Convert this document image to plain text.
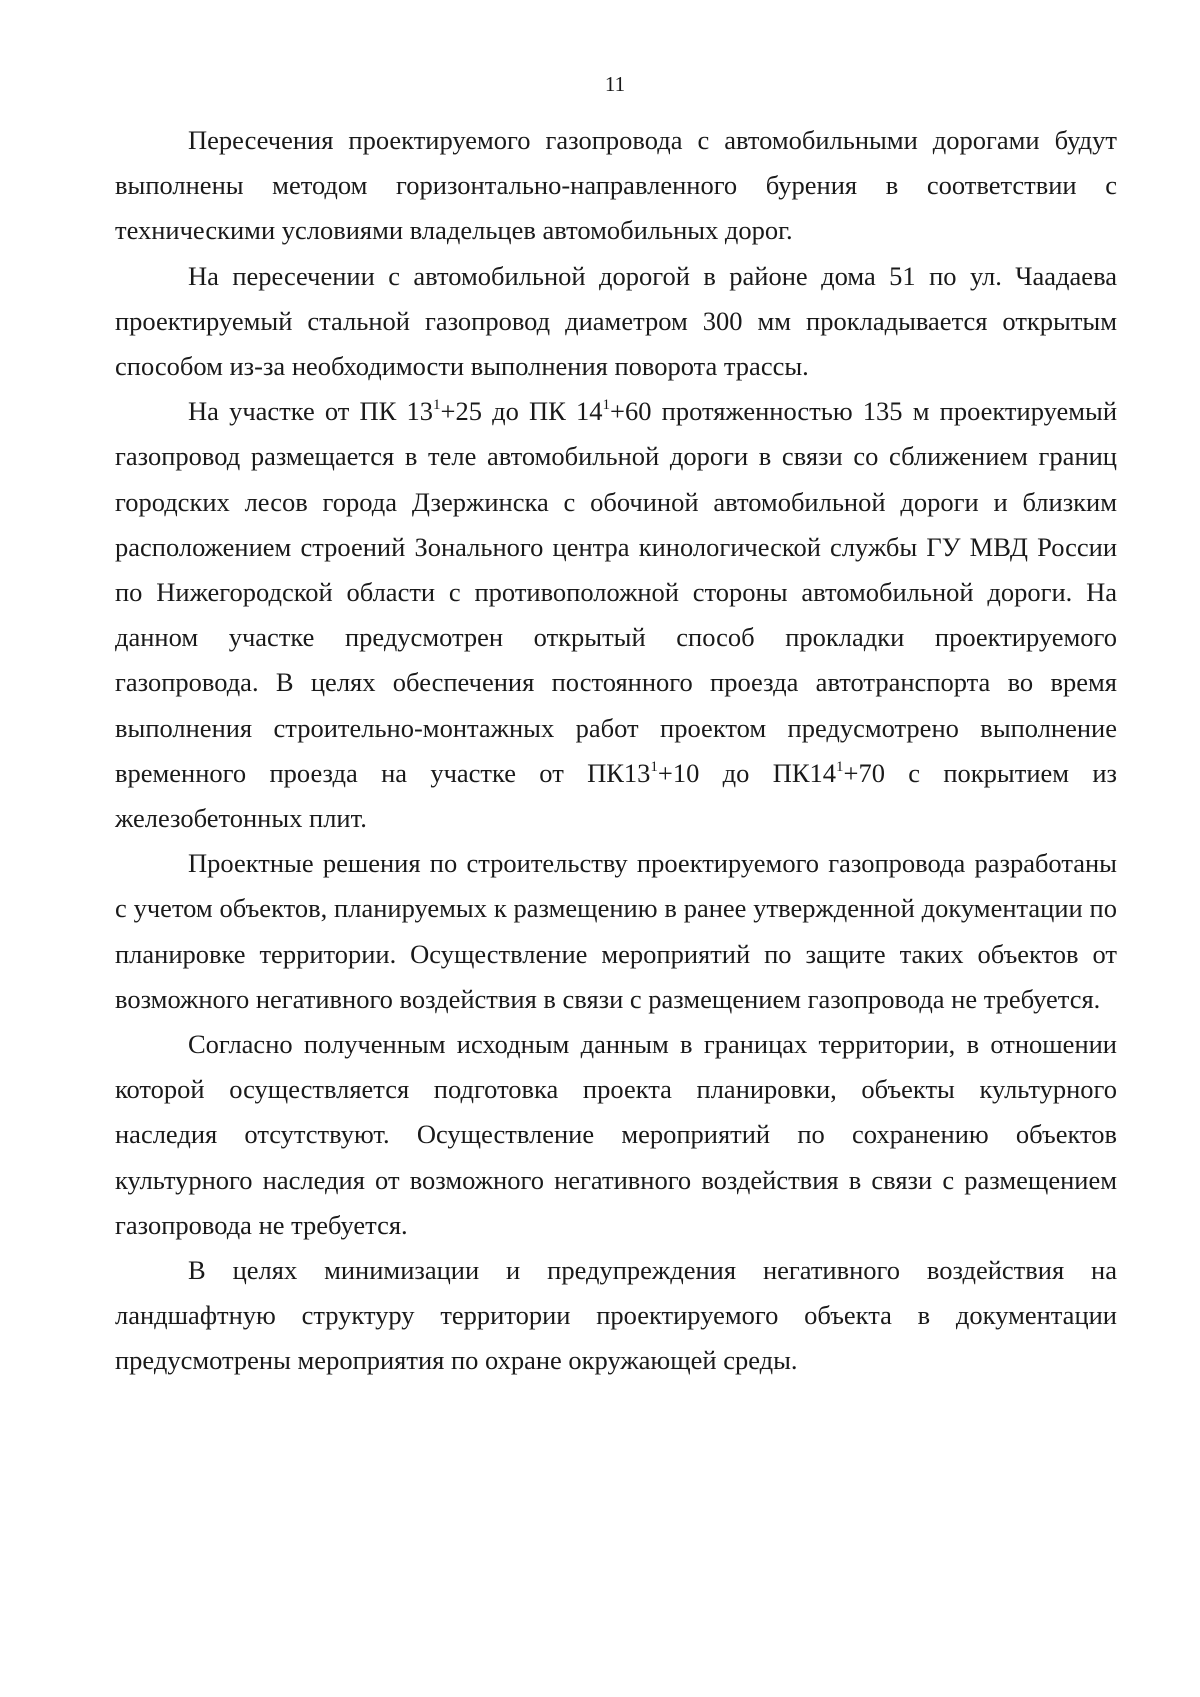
11

Пересечения проектируемого газопровода с автомобильными дорогами будут выполнены методом горизонтально-направленного бурения в соответствии с техническими условиями владельцев автомобильных дорог.

На пересечении с автомобильной дорогой в районе дома 51 по ул. Чаадаева проектируемый стальной газопровод диаметром 300 мм прокладывается открытым способом из-за необходимости выполнения поворота трассы.

На участке от ПК $13^1+25$ до ПК $14^1+60$ протяженностью 135 м проектируемый газопровод размещается в теле автомобильной дороги в связи со сближением границ городских лесов города Дзержинска с обочиной автомобильной дороги и близким расположением строений Зонального центра кинологической службы ГУ МВД России по Нижегородской области с противоположной стороны автомобильной дороги. На данном участке предусмотрен открытый способ прокладки проектируемого газопровода. В целях обеспечения постоянного проезда автотранспорта во время выполнения строительно-монтажных работ проектом предусмотрено выполнение временного проезда на участке от $ПК13^1+10$ до $ПК14^1+70$ с покрытием из железобетонных плит.

Проектные решения по строительству проектируемого газопровода разработаны с учетом объектов, планируемых к размещению в ранее утвержденной документации по планировке территории. Осуществление мероприятий по защите таких объектов от возможного негативного воздействия в связи с размещением газопровода не требуется.

Согласно полученным исходным данным в границах территории, в отношении которой осуществляется подготовка проекта планировки, объекты культурного наследия отсутствуют. Осуществление мероприятий по сохранению объектов культурного наследия от возможного негативного воздействия в связи с размещением газопровода не требуется.

В целях минимизации и предупреждения негативного воздействия на ландшафтную структуру территории проектируемого объекта в документации предусмотрены мероприятия по охране окружающей среды.
